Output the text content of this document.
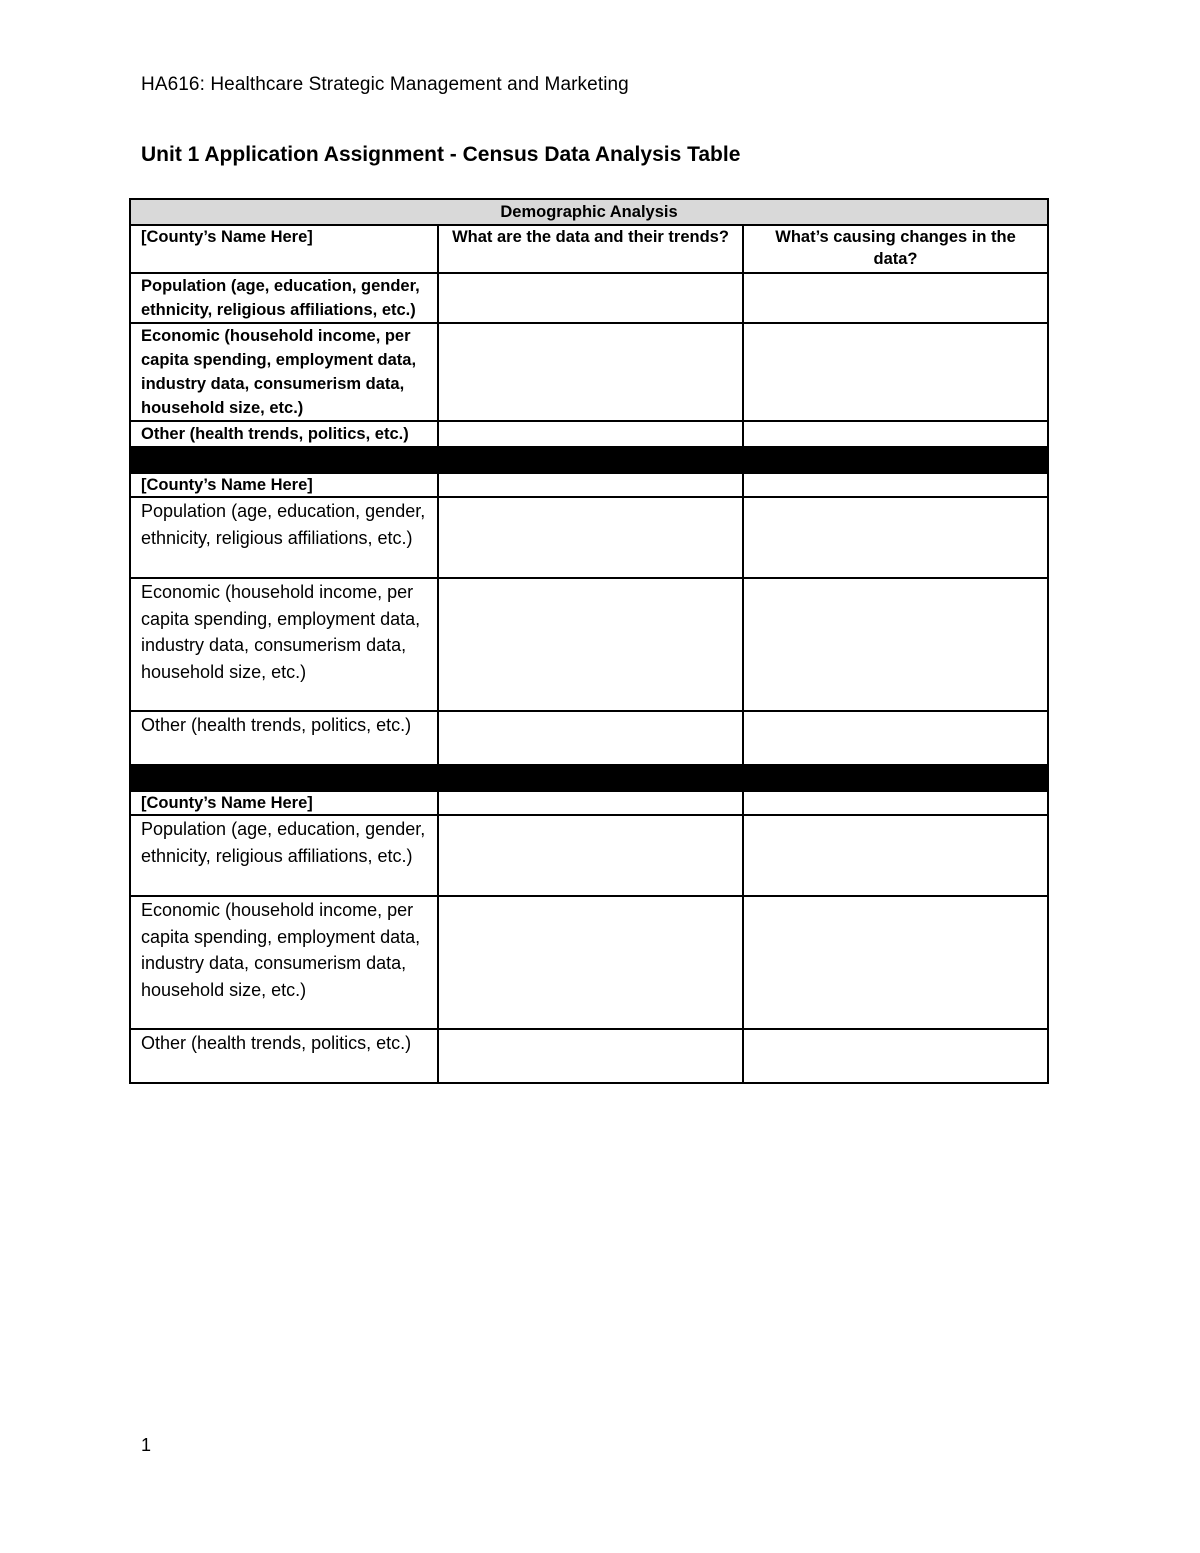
HA616: Healthcare Strategic Management and Marketing
Unit 1 Application Assignment - Census Data Analysis Table
Demographic Analysis		
[County’s Name Here]	What are the data and their trends?	What’s causing changes in the data?
Population (age, education, gender, ethnicity, religious affiliations, etc.)		
Economic (household income, per capita spending, employment data, industry data, consumerism data, household size, etc.)		
Other (health trends, politics, etc.)		

[County’s Name Here]		
Population (age, education, gender, ethnicity, religious affiliations, etc.)		
Economic (household income, per capita spending, employment data, industry data, consumerism data, household size, etc.)		
Other (health trends, politics, etc.)		

[County’s Name Here]		
Population (age, education, gender, ethnicity, religious affiliations, etc.)		
Economic (household income, per capita spending, employment data, industry data, consumerism data, household size, etc.)		
Other (health trends, politics, etc.)		
1
